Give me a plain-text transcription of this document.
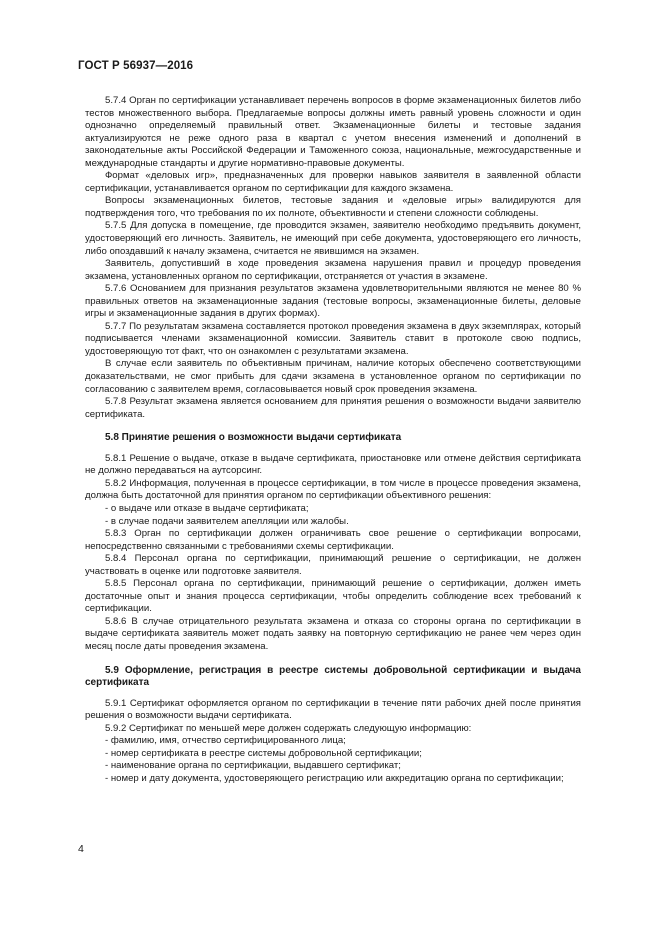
ГОСТ Р 56937—2016

5.7.4 Орган по сертификации устанавливает перечень вопросов в форме экзаменационных билетов либо тестов множественного выбора. Предлагаемые вопросы должны иметь равный уровень сложности и один однозначно определяемый правильный ответ. Экзаменационные билеты и тестовые задания актуализируются не реже одного раза в квартал с учетом внесения изменений и дополнений в законодательные акты Российской Федерации и Таможенного союза, национальные, межгосударственные и международные стандарты и другие нормативно-правовые документы.

Формат «деловых игр», предназначенных для проверки навыков заявителя в заявленной области сертификации, устанавливается органом по сертификации для каждого экзамена.

Вопросы экзаменационных билетов, тестовые задания и «деловые игры» валидируются для подтверждения того, что требования по их полноте, объективности и степени сложности соблюдены.

5.7.5 Для допуска в помещение, где проводится экзамен, заявителю необходимо предъявить документ, удостоверяющий его личность. Заявитель, не имеющий при себе документа, удостоверяющего его личность, либо опоздавший к началу экзамена, считается не явившимся на экзамен.

Заявитель, допустивший в ходе проведения экзамена нарушения правил и процедур проведения экзамена, установленных органом по сертификации, отстраняется от участия в экзамене.

5.7.6 Основанием для признания результатов экзамена удовлетворительными являются не менее 80 % правильных ответов на экзаменационные задания (тестовые вопросы, экзаменационные билеты, деловые игры и экзаменационные задания в других формах).

5.7.7 По результатам экзамена составляется протокол проведения экзамена в двух экземплярах, который подписывается членами экзаменационной комиссии. Заявитель ставит в протоколе свою подпись, удостоверяющую тот факт, что он ознакомлен с результатами экзамена.

В случае если заявитель по объективным причинам, наличие которых обеспечено соответствующими доказательствами, не смог прибыть для сдачи экзамена в установленное органом по сертификации по согласованию с заявителем время, согласовывается новый срок проведения экзамена.

5.7.8 Результат экзамена является основанием для принятия решения о возможности выдачи заявителю сертификата.

5.8 Принятие решения о возможности выдачи сертификата

5.8.1 Решение о выдаче, отказе в выдаче сертификата, приостановке или отмене действия сертификата не должно передаваться на аутсорсинг.

5.8.2 Информация, полученная в процессе сертификации, в том числе в процессе проведения экзамена, должна быть достаточной для принятия органом по сертификации объективного решения:

- о выдаче или отказе в выдаче сертификата;

- в случае подачи заявителем апелляции или жалобы.

5.8.3 Орган по сертификации должен ограничивать свое решение о сертификации вопросами, непосредственно связанными с требованиями схемы сертификации.

5.8.4 Персонал органа по сертификации, принимающий решение о сертификации, не должен участвовать в оценке или подготовке заявителя.

5.8.5 Персонал органа по сертификации, принимающий решение о сертификации, должен иметь достаточные опыт и знания процесса сертификации, чтобы определить соблюдение всех требований к сертификации.

5.8.6 В случае отрицательного результата экзамена и отказа со стороны органа по сертификации в выдаче сертификата заявитель может подать заявку на повторную сертификацию не ранее чем через один месяц после даты проведения экзамена.

5.9 Оформление, регистрация в реестре системы добровольной сертификации и выдача сертификата

5.9.1 Сертификат оформляется органом по сертификации в течение пяти рабочих дней после принятия решения о возможности выдачи сертификата.

5.9.2 Сертификат по меньшей мере должен содержать следующую информацию:

- фамилию, имя, отчество сертифицированного лица;

- номер сертификата в реестре системы добровольной сертификации;

- наименование органа по сертификации, выдавшего сертификат;

- номер и дату документа, удостоверяющего регистрацию или аккредитацию органа по сертификации;

4
